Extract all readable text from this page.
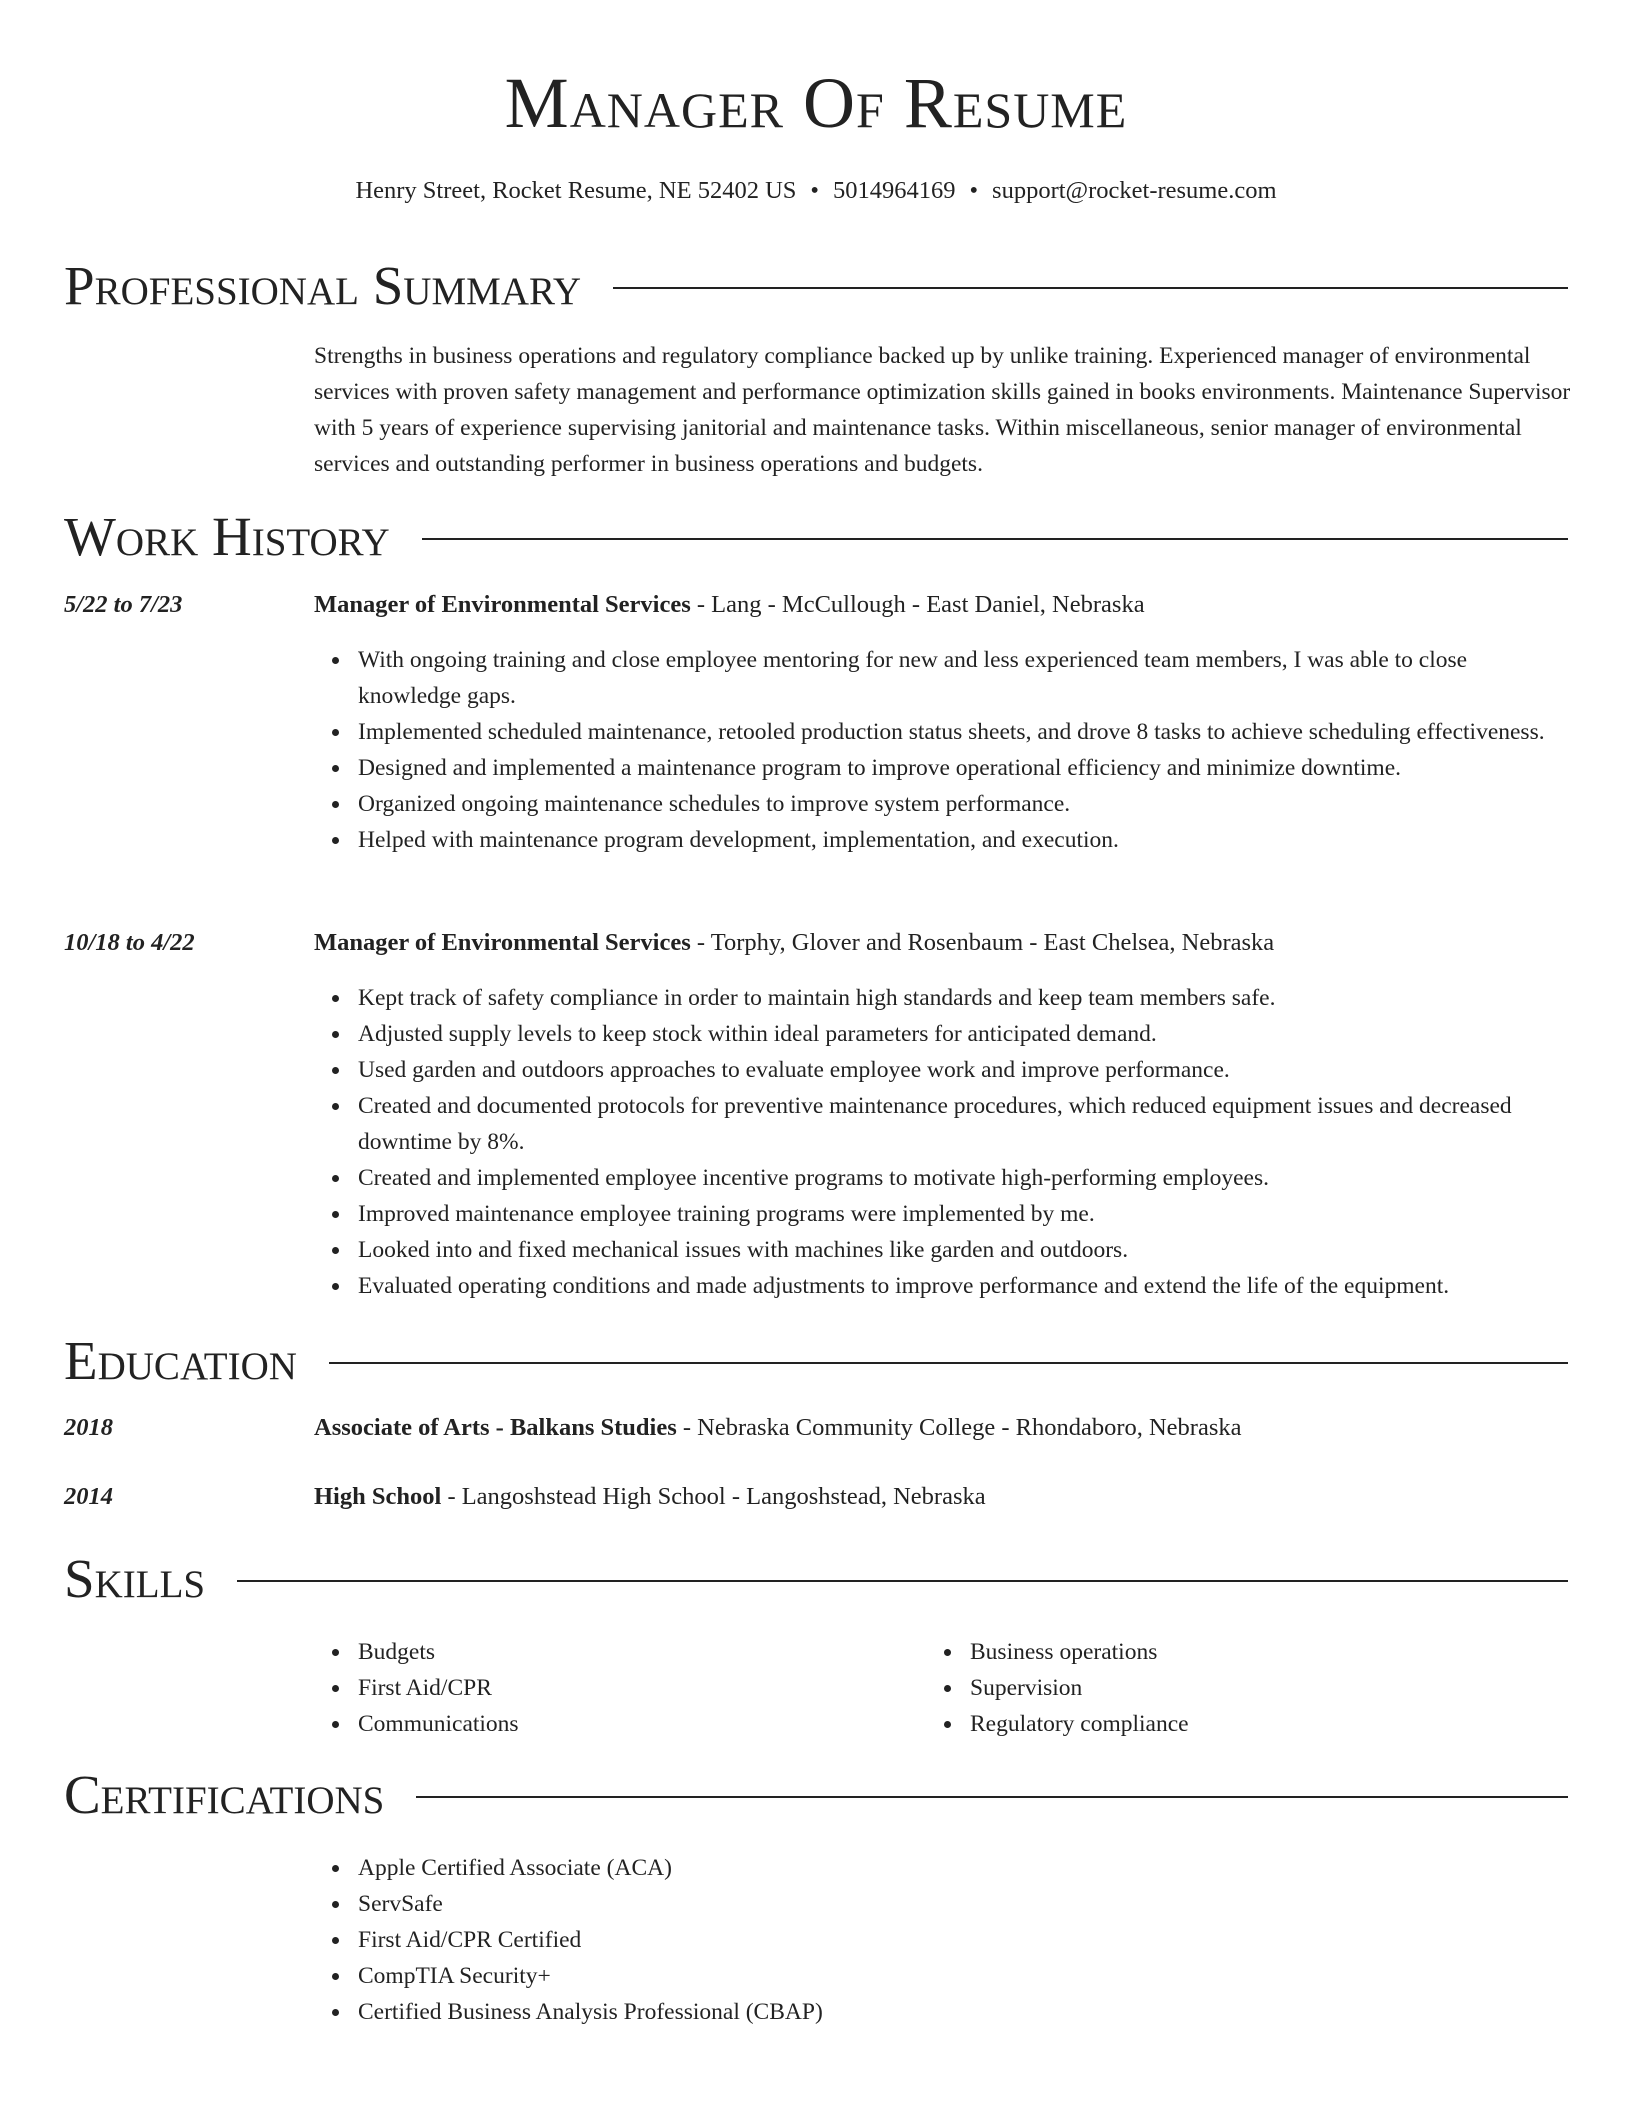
Manager Of Resume
Henry Street, Rocket Resume, NE 52402 US • 5014964169 • support@rocket-resume.com
Professional Summary
Strengths in business operations and regulatory compliance backed up by unlike training. Experienced manager of environmental services with proven safety management and performance optimization skills gained in books environments. Maintenance Supervisor with 5 years of experience supervising janitorial and maintenance tasks. Within miscellaneous, senior manager of environmental services and outstanding performer in business operations and budgets.
Work History
5/22 to 7/23	Manager of Environmental Services - Lang - McCullough - East Daniel, Nebraska
With ongoing training and close employee mentoring for new and less experienced team members, I was able to close knowledge gaps.
Implemented scheduled maintenance, retooled production status sheets, and drove 8 tasks to achieve scheduling effectiveness.
Designed and implemented a maintenance program to improve operational efficiency and minimize downtime.
Organized ongoing maintenance schedules to improve system performance.
Helped with maintenance program development, implementation, and execution.
10/18 to 4/22	Manager of Environmental Services - Torphy, Glover and Rosenbaum - East Chelsea, Nebraska
Kept track of safety compliance in order to maintain high standards and keep team members safe.
Adjusted supply levels to keep stock within ideal parameters for anticipated demand.
Used garden and outdoors approaches to evaluate employee work and improve performance.
Created and documented protocols for preventive maintenance procedures, which reduced equipment issues and decreased downtime by 8%.
Created and implemented employee incentive programs to motivate high-performing employees.
Improved maintenance employee training programs were implemented by me.
Looked into and fixed mechanical issues with machines like garden and outdoors.
Evaluated operating conditions and made adjustments to improve performance and extend the life of the equipment.
Education
2018	Associate of Arts - Balkans Studies - Nebraska Community College - Rhondaboro, Nebraska
2014	High School - Langoshstead High School - Langoshstead, Nebraska
Skills
Budgets
First Aid/CPR
Communications
Business operations
Supervision
Regulatory compliance
Certifications
Apple Certified Associate (ACA)
ServSafe
First Aid/CPR Certified
CompTIA Security+
Certified Business Analysis Professional (CBAP)
